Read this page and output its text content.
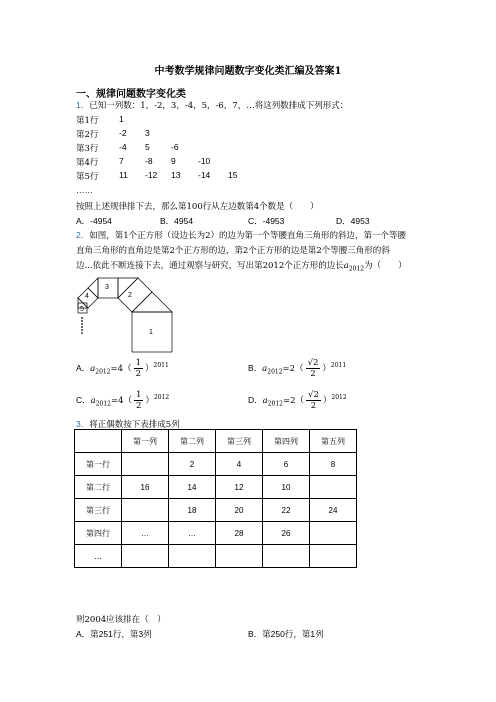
中考数学规律问题数字变化类汇编及答案1
一、规律问题数字变化类
1．已知一列数：1，-2，3，-4，5，-6，7，…将这列数排成下列形式：
第1行 1
第2行 -2 3
第3行 -4 5	-6
第4行 7	-8 9	-10
第5行 11 -12 13 -14 15
……
按照上述规律排下去，那么第100行从左边数第4个数是（　　）
A．-4954	B．4954	C．-4953	D．4953
2．如图，第1个正方形（设边长为2）的边为第一个等腰直角三角形的斜边，第一个等腰
直角三角形的直角边是第2个正方形的边，第2个正方形的边是第2个等腰三角形的斜
边...依此不断连接下去，通过观察与研究，写出第2012个正方形的边长$a_{2012}$为（　　）
1
2
3
4
5
A．$a_{2012}=4( \frac{1}{2} )^{2011}$	B．$a_{2012}=2( \frac{√2}{2} )^{2011}$
C．$a_{2012}=4( \frac{1}{2} )^{2012}$	D．$a_{2012}=2( \frac{√2}{2} )^{2012}$
3．将正偶数按下表排成5列
	第一列	第二列	第三列	第四列	第五列
第一行		2	4	6	8
第二行	16	14	12	10	
第三行		18	20	22	24
第四行	…	…	28	26	
…					
则2004应该排在（　）
A．第251行，第3列	B．第250行，第1列
